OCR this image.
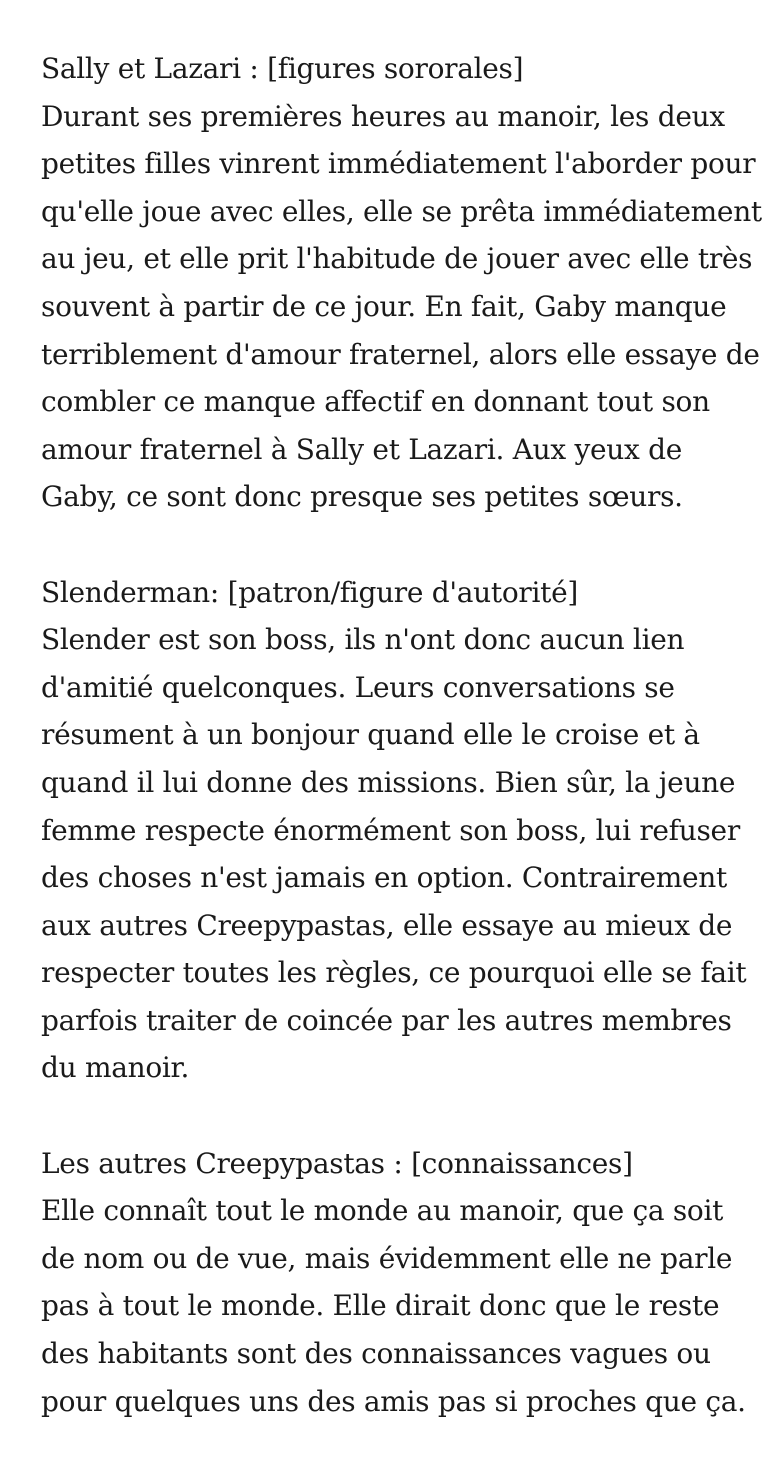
Sally et Lazari : [figures sororales]
Durant ses premières heures au manoir, les deux
petites filles vinrent immédiatement l'aborder pour
qu'elle joue avec elles, elle se prêta immédiatement
au jeu, et elle prit l'habitude de jouer avec elle très
souvent à partir de ce jour. En fait, Gaby manque
terriblement d'amour fraternel, alors elle essaye de
combler ce manque affectif en donnant tout son
amour fraternel à Sally et Lazari. Aux yeux de
Gaby, ce sont donc presque ses petites sœurs.
Slenderman: [patron/figure d'autorité]
Slender est son boss, ils n'ont donc aucun lien
d'amitié quelconques. Leurs conversations se
résument à un bonjour quand elle le croise et à
quand il lui donne des missions. Bien sûr, la jeune
femme respecte énormément son boss, lui refuser
des choses n'est jamais en option. Contrairement
aux autres Creepypastas, elle essaye au mieux de
respecter toutes les règles, ce pourquoi elle se fait
parfois traiter de coincée par les autres membres
du manoir.
Les autres Creepypastas : [connaissances]
Elle connaît tout le monde au manoir, que ça soit
de nom ou de vue, mais évidemment elle ne parle
pas à tout le monde. Elle dirait donc que le reste
des habitants sont des connaissances vagues ou
pour quelques uns des amis pas si proches que ça.
